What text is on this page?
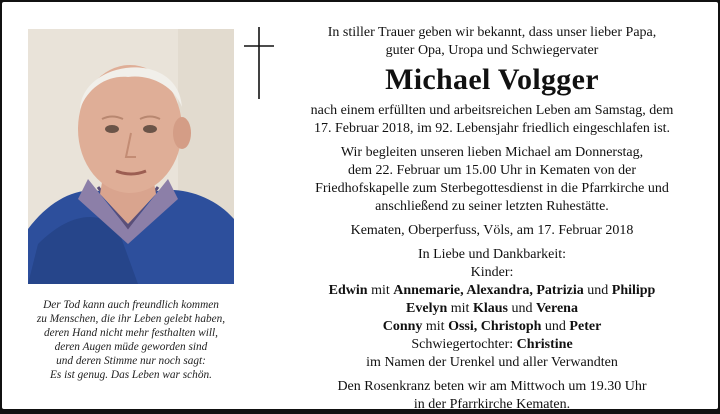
Der Tod kann auch freundlich kommen
zu Menschen, die ihr Leben gelebt haben,
deren Hand nicht mehr festhalten will,
deren Augen müde geworden sind
und deren Stimme nur noch sagt:
Es ist genug. Das Leben war schön.
In stiller Trauer geben wir bekannt, dass unser lieber Papa,
guter Opa, Uropa und Schwiegervater
Michael Volgger
nach einem erfüllten und arbeitsreichen Leben am Samstag, dem
17. Februar 2018, im 92. Lebensjahr friedlich eingeschlafen ist.
Wir begleiten unseren lieben Michael am Donnerstag,
dem 22. Februar um 15.00 Uhr in Kematen von der
Friedhofskapelle zum Sterbegottesdienst in die Pfarrkirche und
anschließend zu seiner letzten Ruhestätte.
Kematen, Oberperfuss, Völs, am 17. Februar 2018
In Liebe und Dankbarkeit:
Kinder:
Edwin mit Annemarie, Alexandra, Patrizia und Philipp
Evelyn mit Klaus und Verena
Conny mit Ossi, Christoph und Peter
Schwiegertochter: Christine
im Namen der Urenkel und aller Verwandten
Den Rosenkranz beten wir am Mittwoch um 19.30 Uhr
in der Pfarrkirche Kematen.
